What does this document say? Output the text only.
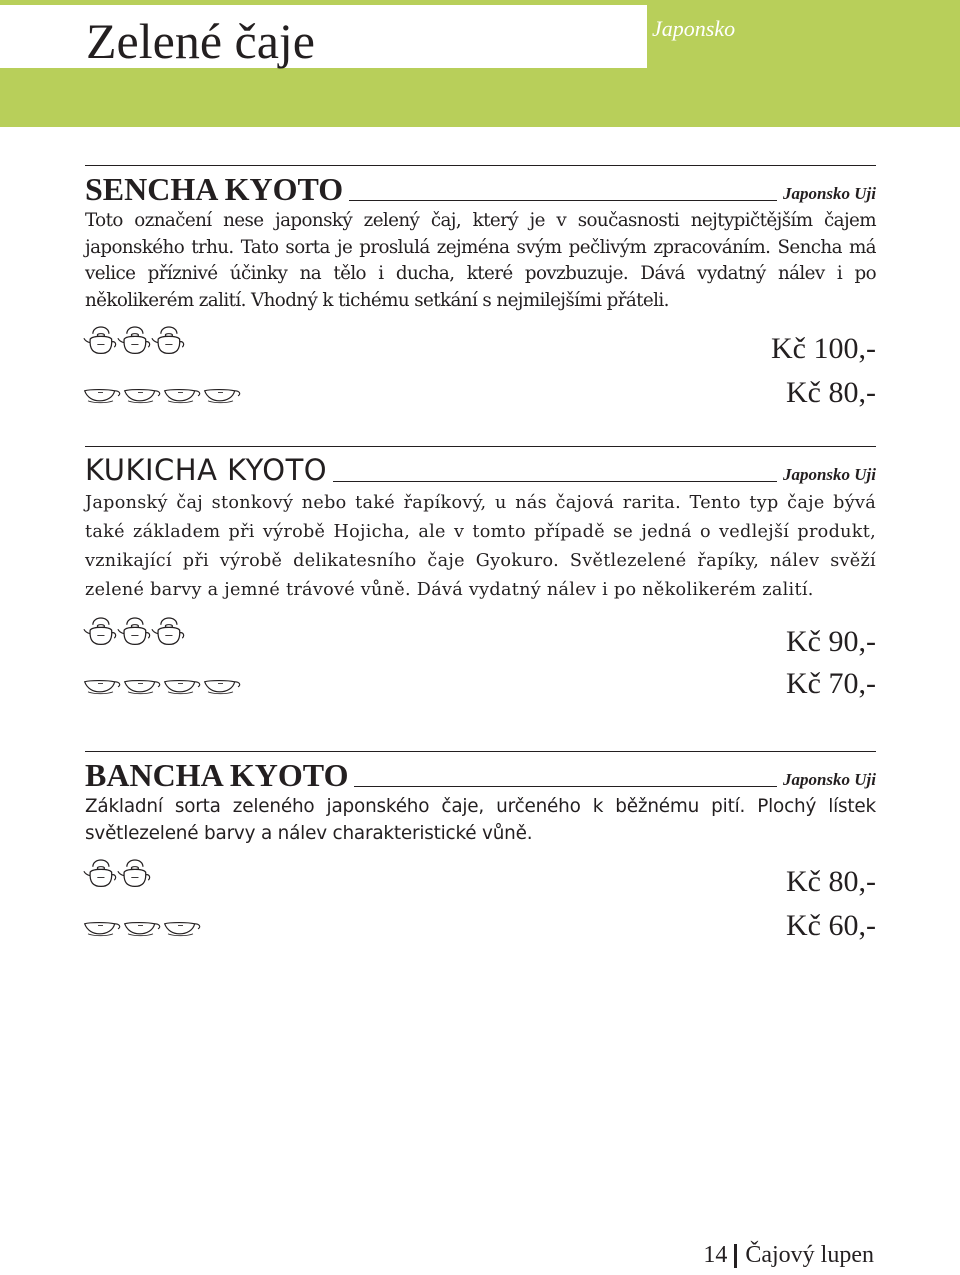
Zelené čaje	Japonsko
SENCHA KYOTO	Japonsko Uji

Toto označení nese japonský zelený čaj, který je v současnosti nejtypičtějším čajem japonského trhu. Tato sorta je proslulá zejména svým pečlivým zpracováním. Sencha má velice příznivé účinky na tělo i ducha, které povzbuzuje. Dává vydatný nálev i po několikerém zalití. Vhodný k tichému setkání s nejmilejšími přáteli.

Kč 100,-
Kč 80,-
KUKICHA KYOTO	Japonsko Uji

Japonský čaj stonkový nebo také řapíkový, u nás čajová rarita. Tento typ čaje bývá také základem při výrobě Hojicha, ale v tomto případě se jedná o vedlejší produkt, vznikající při výrobě delikatesního čaje Gyokuro. Světlezelené řapíky, nálev svěží zelené barvy a jemné trávové vůně. Dává vydatný nálev i po několikerém zalití.

Kč 90,-
Kč 70,-
BANCHA KYOTO	Japonsko Uji

Základní sorta zeleného japonského čaje, určeného k běžnému pití. Plochý lístek světlezelené barvy a nálev charakteristické vůně.

Kč 80,-
Kč 60,-
14 Čajový lupen
